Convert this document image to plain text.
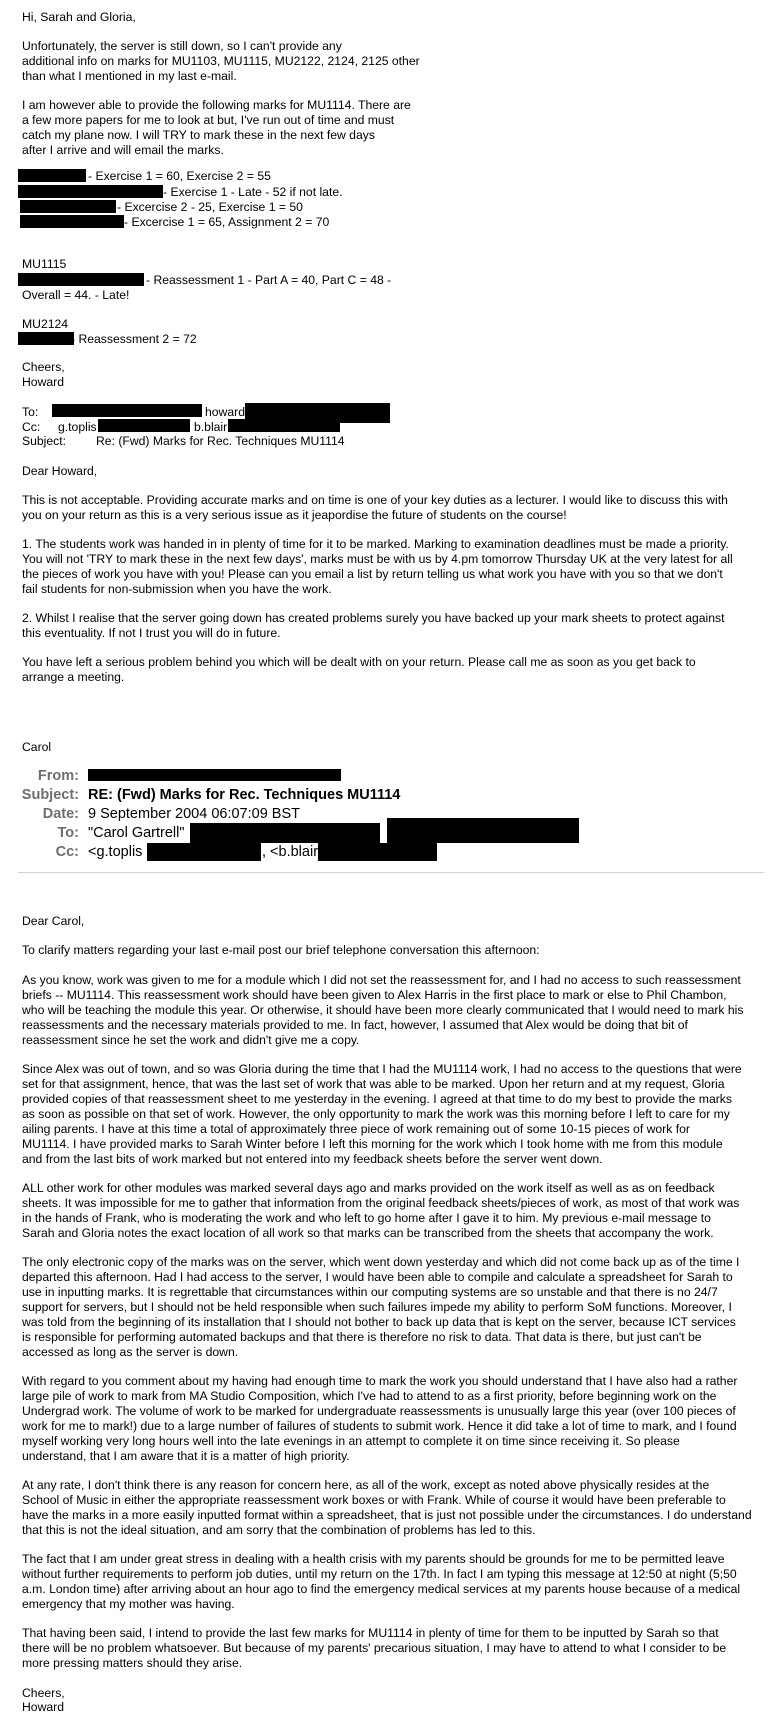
Hi, Sarah and Gloria,
Unfortunately, the server is still down, so I can't provide any
additional info on marks for MU1103, MU1115, MU2122, 2124, 2125 other
than what I mentioned in my last e-mail.
I am however able to provide the following marks for MU1114. There are
a few more papers for me to look at but, I've run out of time and must
catch my plane now. I will TRY to mark these in the next few days
after I arrive and will email the marks.
- Exercise 1 = 60, Exercise 2 = 55
- Exercise 1 - Late - 52 if not late.
- Excercise 2 - 25, Exercise 1 = 50
- Excercise 1 = 65, Assignment 2 = 70
MU1115
- Reassessment 1 - Part A = 40, Part C = 48 -
Overall = 44. - Late!
MU2124
- Reassessment 2 = 72
Cheers,
Howard
To:	howard
Cc: g.toplis	b.blair
Subject: Re: (Fwd) Marks for Rec. Techniques MU1114
Dear Howard,
This is not acceptable. Providing accurate marks and on time is one of your key duties as a lecturer. I would like to discuss this with
you on your return as this is a very serious issue as it jeapordise the future of students on the course!
1. The students work was handed in in plenty of time for it to be marked. Marking to examination deadlines must be made a priority.
You will not 'TRY to mark these in the next few days', marks must be with us by 4.pm tomorrow Thursday UK at the very latest for all
the pieces of work you have with you! Please can you email a list by return telling us what work you have with you so that we don't
fail students for non-submission when you have the work.
2. Whilst I realise that the server going down has created problems surely you have backed up your mark sheets to protect against
this eventuality. If not I trust you will do in future.
You have left a serious problem behind you which will be dealt with on your return. Please call me as soon as you get back to
arrange a meeting.
Carol
From:
Subject: RE: (Fwd) Marks for Rec. Techniques MU1114
Date: 9 September 2004 06:07:09 BST
To: "Carol Gartrell"
Cc: <g.toplis	, <b.blair
Dear Carol,
To clarify matters regarding your last e-mail post our brief telephone conversation this afternoon:
As you know, work was given to me for a module which I did not set the reassessment for, and I had no access to such reassessment
briefs -- MU1114. This reassessment work should have been given to Alex Harris in the first place to mark or else to Phil Chambon,
who will be teaching the module this year. Or otherwise, it should have been more clearly communicated that I would need to mark his
reassessments and the necessary materials provided to me. In fact, however, I assumed that Alex would be doing that bit of
reassessment since he set the work and didn't give me a copy.
Since Alex was out of town, and so was Gloria during the time that I had the MU1114 work, I had no access to the questions that were
set for that assignment, hence, that was the last set of work that was able to be marked. Upon her return and at my request, Gloria
provided copies of that reassessment sheet to me yesterday in the evening. I agreed at that time to do my best to provide the marks
as soon as possible on that set of work. However, the only opportunity to mark the work was this morning before I left to care for my
ailing parents. I have at this time a total of approximately three piece of work remaining out of some 10-15 pieces of work for
MU1114. I have provided marks to Sarah Winter before I left this morning for the work which I took home with me from this module
and from the last bits of work marked but not entered into my feedback sheets before the server went down.
ALL other work for other modules was marked several days ago and marks provided on the work itself as well as as on feedback
sheets. It was impossible for me to gather that information from the original feedback sheets/pieces of work, as most of that work was
in the hands of Frank, who is moderating the work and who left to go home after I gave it to him. My previous e-mail message to
Sarah and Gloria notes the exact location of all work so that marks can be transcribed from the sheets that accompany the work.
The only electronic copy of the marks was on the server, which went down yesterday and which did not come back up as of the time I
departed this afternoon. Had I had access to the server, I would have been able to compile and calculate a spreadsheet for Sarah to
use in inputting marks. It is regrettable that circumstances within our computing systems are so unstable and that there is no 24/7
support for servers, but I should not be held responsible when such failures impede my ability to perform SoM functions. Moreover, I
was told from the beginning of its installation that I should not bother to back up data that is kept on the server, because ICT services
is responsible for performing automated backups and that there is therefore no risk to data. That data is there, but just can't be
accessed as long as the server is down.
With regard to you comment about my having had enough time to mark the work you should understand that I have also had a rather
large pile of work to mark from MA Studio Composition, which I've had to attend to as a first priority, before beginning work on the
Undergrad work. The volume of work to be marked for undergraduate reassessments is unusually large this year (over 100 pieces of
work for me to mark!) due to a large number of failures of students to submit work. Hence it did take a lot of time to mark, and I found
myself working very long hours well into the late evenings in an attempt to complete it on time since receiving it. So please
understand, that I am aware that it is a matter of high priority.
At any rate, I don't think there is any reason for concern here, as all of the work, except as noted above physically resides at the
School of Music in either the appropriate reassessment work boxes or with Frank. While of course it would have been preferable to
have the marks in a more easily inputted format within a spreadsheet, that is just not possible under the circumstances. I do understand
that this is not the ideal situation, and am sorry that the combination of problems has led to this.
The fact that I am under great stress in dealing with a health crisis with my parents should be grounds for me to be permitted leave
without further requirements to perform job duties, until my return on the 17th. In fact I am typing this message at 12:50 at night (5;50
a.m. London time) after arriving about an hour ago to find the emergency medical services at my parents house because of a medical
emergency that my mother was having.
That having been said, I intend to provide the last few marks for MU1114 in plenty of time for them to be inputted by Sarah so that
there will be no problem whatsoever. But because of my parents' precarious situation, I may have to attend to what I consider to be
more pressing matters should they arise.
Cheers,
Howard
